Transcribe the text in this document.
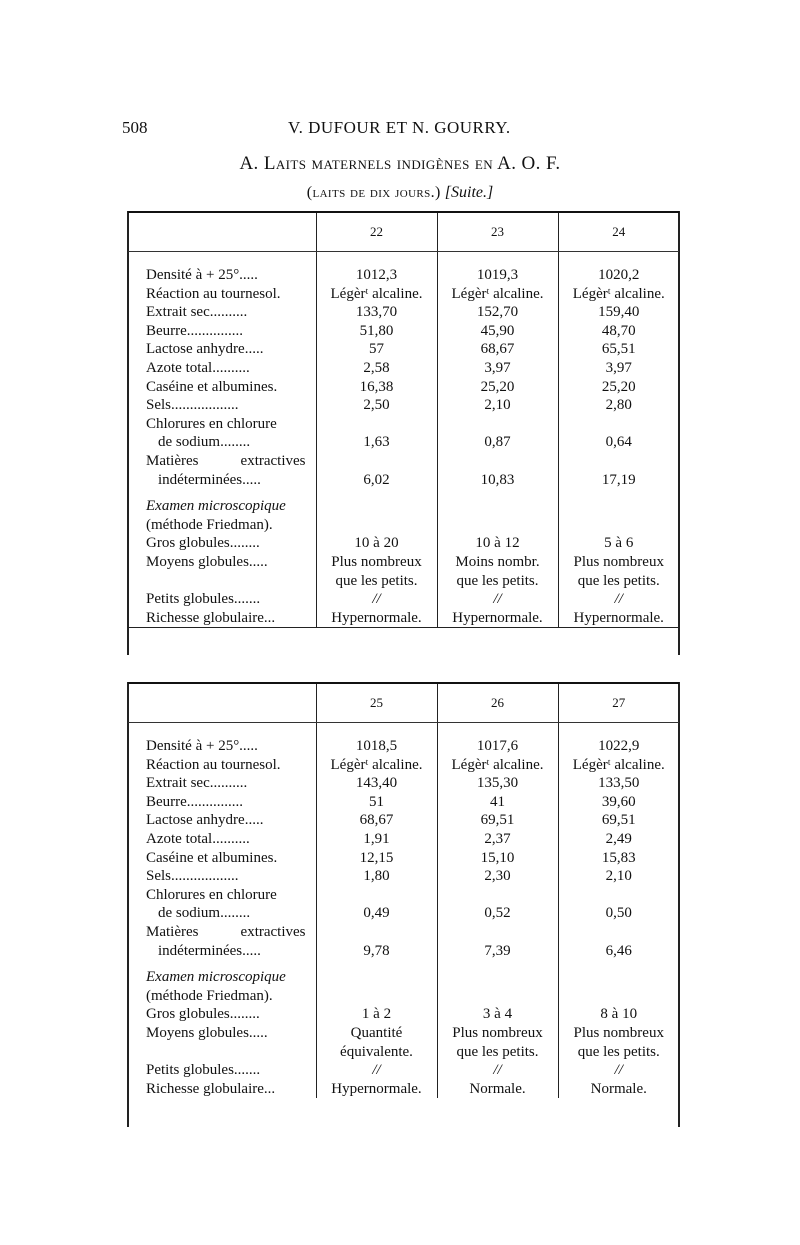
508	V. DUFOUR ET N. GOURRY.
A. Laits maternels indigènes en A. O. F.
(laits de dix jours.) [Suite.]
	22	23	24

Densité à + 25°.....	1012,3	1019,3	1020,2
Réaction au tournesol.	Légèrᵗ alcaline.	Légèrᵗ alcaline.	Légèrᵗ alcaline.
Extrait sec..........	133,70	152,70	159,40
Beurre...............	51,80	45,90	48,70
Lactose anhydre.....	57	68,67	65,51
Azote total..........	2,58	3,97	3,97
Caséine et albumines.	16,38	25,20	25,20
Sels..................	2,50	2,10	2,80
Chlorures en chlorure			
de sodium........	1,63	0,87	0,64
Matières extractives			
indéterminées.....	6,02	10,83	17,19

Examen microscopique			
(méthode Friedman).			
Gros globules........	10 à 20	10 à 12	5 à 6
Moyens globules.....	Plus nombreux	Moins nombr.	Plus nombreux
	que les petits.	que les petits.	que les petits.
Petits globules.......	//	//	//
Richesse globulaire...	Hypernormale.	Hypernormale.	Hypernormale.
	25	26	27

Densité à + 25°.....	1018,5	1017,6	1022,9
Réaction au tournesol.	Légèrᵗ alcaline.	Légèrᵗ alcaline.	Légèrᵗ alcaline.
Extrait sec..........	143,40	135,30	133,50
Beurre...............	51	41	39,60
Lactose anhydre.....	68,67	69,51	69,51
Azote total..........	1,91	2,37	2,49
Caséine et albumines.	12,15	15,10	15,83
Sels..................	1,80	2,30	2,10
Chlorures en chlorure			
de sodium........	0,49	0,52	0,50
Matières extractives			
indéterminées.....	9,78	7,39	6,46

Examen microscopique			
(méthode Friedman).			
Gros globules........	1 à 2	3 à 4	8 à 10
Moyens globules.....	Quantité	Plus nombreux	Plus nombreux
	équivalente.	que les petits.	que les petits.
Petits globules.......	//	//	//
Richesse globulaire...	Hypernormale.	Normale.	Normale.
